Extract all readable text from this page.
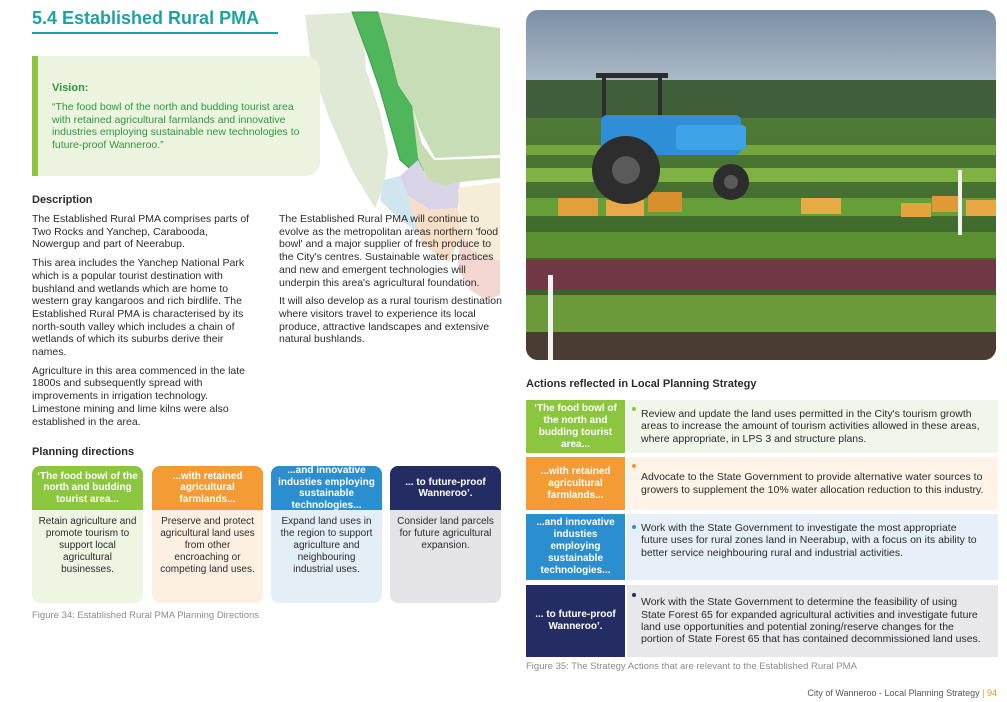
5.4 Established Rural PMA
Vision:
“The food bowl of the north and budding tourist area with retained agricultural farmlands and innovative industries employing sustainable new technologies to future-proof Wanneroo.”
Description

The Established Rural PMA comprises parts of Two Rocks and Yanchep, Carabooda, Nowergup and part of Neerabup.

This area includes the Yanchep National Park which is a popular tourist destination with bushland and wetlands which are home to western gray kangaroos and rich birdlife. The Established Rural PMA is characterised by its north-south valley which includes a chain of wetlands of which its suburbs derive their names.

Agriculture in this area commenced in the late 1800s and subsequently spread with improvements in irrigation technology. Limestone mining and lime kilns were also established in the area.

The Established Rural PMA will continue to evolve as the metropolitan areas northern 'food bowl' and a major supplier of fresh produce to the City's centres. Sustainable water practices and new and emergent technologies will underpin this area's agricultural foundation.

It will also develop as a rural tourism destination where visitors travel to experience its local produce, attractive landscapes and extensive natural bushlands.

Planning directions
‘The food bowl of the north and budding tourist area...
Retain agriculture and promote tourism to support local agricultural businesses.
...with retained agricultural farmlands...
Preserve and protect agricultural land uses from other encroaching or competing land uses.
...and innovative industies employing sustainable technologies...
Expand land uses in the region to support agriculture and neighbouring industrial uses.
... to future-proof Wanneroo’.
Consider land parcels for future agricultural expansion.
Figure 34: Established Rural PMA Planning Directions
Actions reflected in Local Planning Strategy
‘The food bowl of the north and budding tourist area...
Review and update the land uses permitted in the City's tourism growth areas to increase the amount of tourism activities allowed in these areas, where appropriate, in LPS 3 and structure plans.
...with retained agricultural farmlands...
Advocate to the State Government to provide alternative water sources to growers to supplement the 10% water allocation reduction to this industry.
...and innovative industies employing sustainable technologies...
Work with the State Government to investigate the most appropriate future uses for rural zones land in Neerabup, with a focus on its ability to better service neighbouring rural and industrial activities.
... to future-proof Wanneroo’.
Work with the State Government to determine the feasibility of using State Forest 65 for expanded agricultural activities and investigate future land use opportunities and potential zoning/reserve changes for the portion of State Forest 65 that has contained decommissioned land uses.
Figure 35: The Strategy Actions that are relevant to the Established Rural PMA
City of Wanneroo - Local Planning Strategy | 94
